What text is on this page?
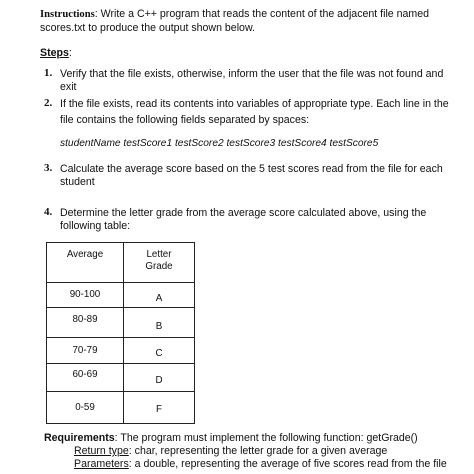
Instructions: Write a C++ program that reads the content of the adjacent file named
scores.txt to produce the output shown below.
Steps:
1. Verify that the file exists, otherwise, inform the user that the file was not found and
exit
2. If the file exists, read its contents into variables of appropriate type. Each line in the
file contains the following fields separated by spaces:
studentName testScore1 testScore2 testScore3 testScore4 testScore5
3. Calculate the average score based on the 5 test scores read from the file for each
student
4. Determine the letter grade from the average score calculated above, using the
following table:
Average	Letter
Grade

90-100	A
80-89	B
70-79	C
60-69	D
0-59	F
Requirements: The program must implement the following function: getGrade()
Return type: char, representing the letter grade for a given average
Parameters: a double, representing the average of five scores read from the file
